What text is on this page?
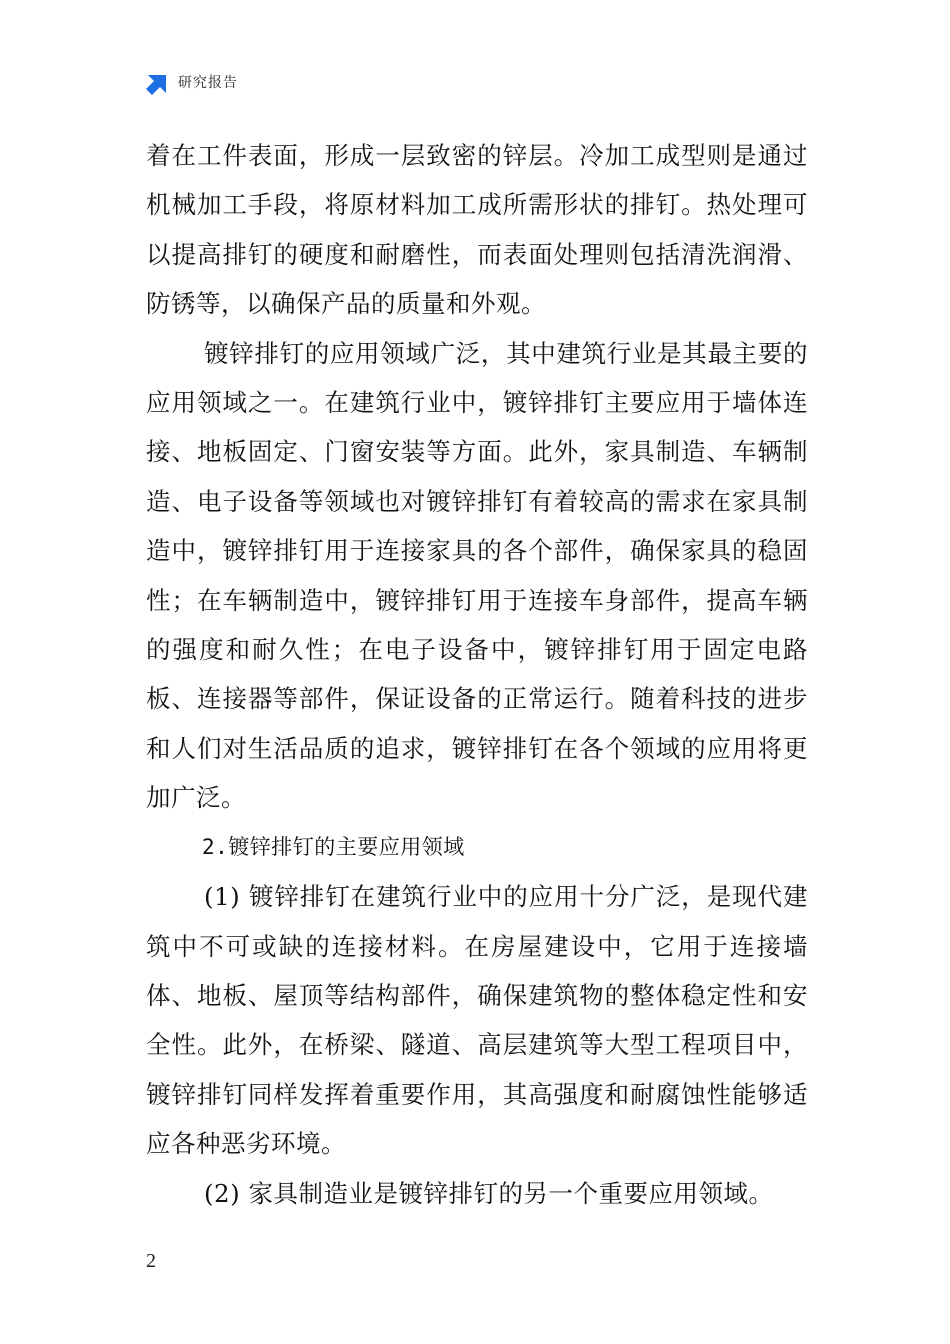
研究报告

着在工件表面，形成一层致密的锌层。冷加工成型则是通过机械加工手段，将原材料加工成所需形状的排钉。热处理可以提高排钉的硬度和耐磨性，而表面处理则包括清洗润滑、防锈等，以确保产品的质量和外观。

镀锌排钉的应用领域广泛，其中建筑行业是其最主要的应用领域之一。在建筑行业中，镀锌排钉主要应用于墙体连接、地板固定、门窗安装等方面。此外，家具制造、车辆制造、电子设备等领域也对镀锌排钉有着较高的需求在家具制造中，镀锌排钉用于连接家具的各个部件，确保家具的稳固性；在车辆制造中，镀锌排钉用于连接车身部件，提高车辆的强度和耐久性；在电子设备中，镀锌排钉用于固定电路板、连接器等部件，保证设备的正常运行。随着科技的进步和人们对生活品质的追求，镀锌排钉在各个领域的应用将更加广泛。

2.镀锌排钉的主要应用领域

(1) 镀锌排钉在建筑行业中的应用十分广泛，是现代建筑中不可或缺的连接材料。在房屋建设中，它用于连接墙体、地板、屋顶等结构部件，确保建筑物的整体稳定性和安全性。此外，在桥梁、隧道、高层建筑等大型工程项目中，镀锌排钉同样发挥着重要作用，其高强度和耐腐蚀性能够适应各种恶劣环境。

(2) 家具制造业是镀锌排钉的另一个重要应用领域。

2
